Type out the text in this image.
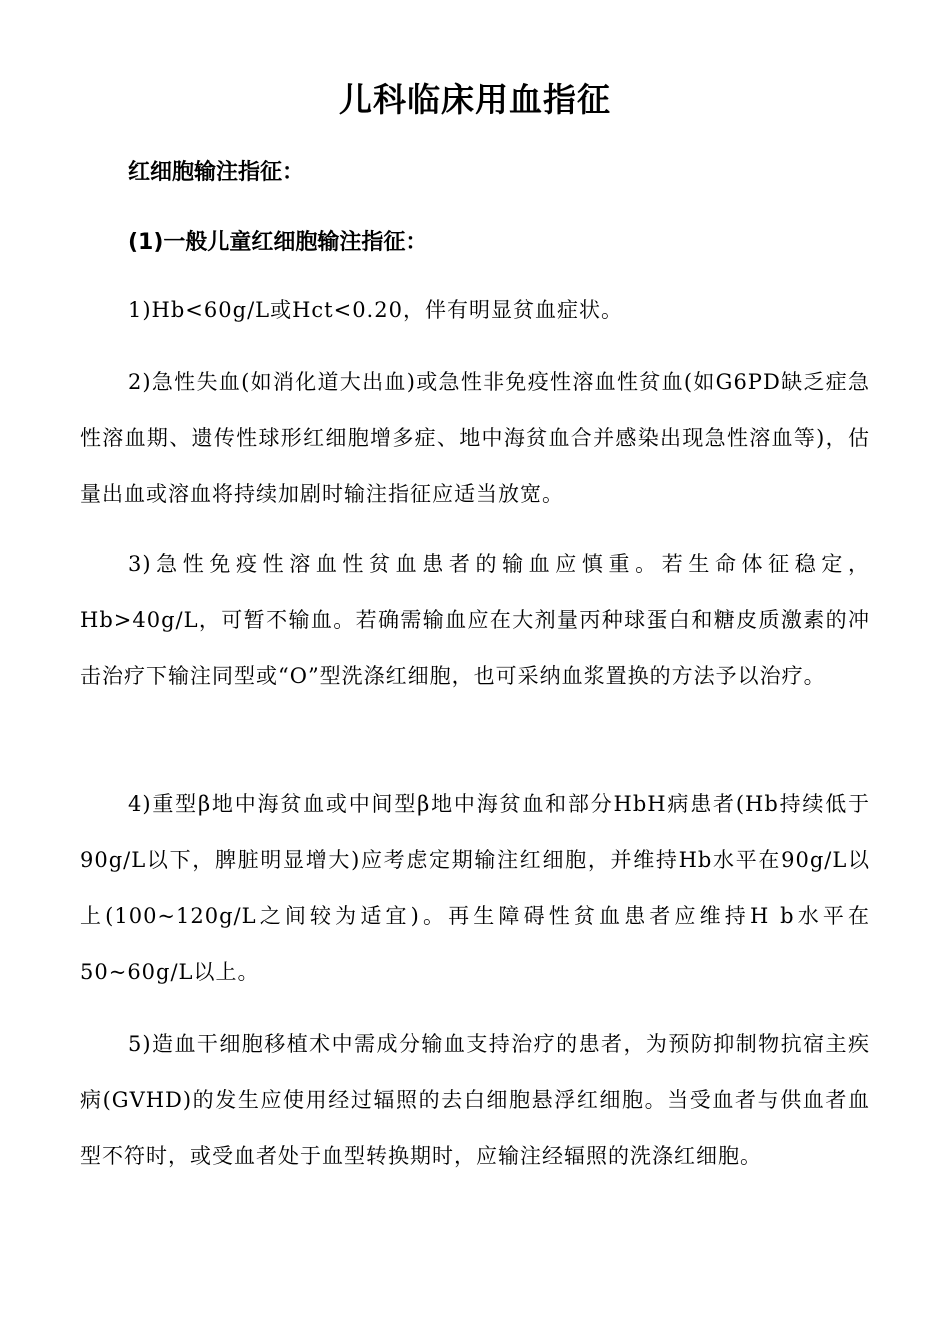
儿科临床用血指征
红细胞输注指征：
(1)一般儿童红细胞输注指征：

1)Hb<60g/L或Hct<0.20，伴有明显贫血症状。

2)急性失血(如消化道大出血)或急性非免疫性溶血性贫血(如G6PD缺乏症急性溶血期、遗传性球形红细胞增多症、地中海贫血合并感染出现急性溶血等)，估量出血或溶血将持续加剧时输注指征应适当放宽。

3)急性免疫性溶血性贫血患者的输血应慎重。若生命体征稳定，Hb>40g/L，可暂不输血。若确需输血应在大剂量丙种球蛋白和糖皮质激素的冲击治疗下输注同型或“O”型洗涤红细胞，也可采纳血浆置换的方法予以治疗。

4)重型β地中海贫血或中间型β地中海贫血和部分HbH病患者(Hb持续低于90g/L以下，脾脏明显增大)应考虑定期输注红细胞，并维持Hb水平在90g/L以上(100~120g/L之间较为适宜)。再生障碍性贫血患者应维持H b水平在50~60g/L以上。

5)造血干细胞移植术中需成分输血支持治疗的患者，为预防抑制物抗宿主疾病(GVHD)的发生应使用经过辐照的去白细胞悬浮红细胞。当受血者与供血者血型不符时，或受血者处于血型转换期时，应输注经辐照的洗涤红细胞。
